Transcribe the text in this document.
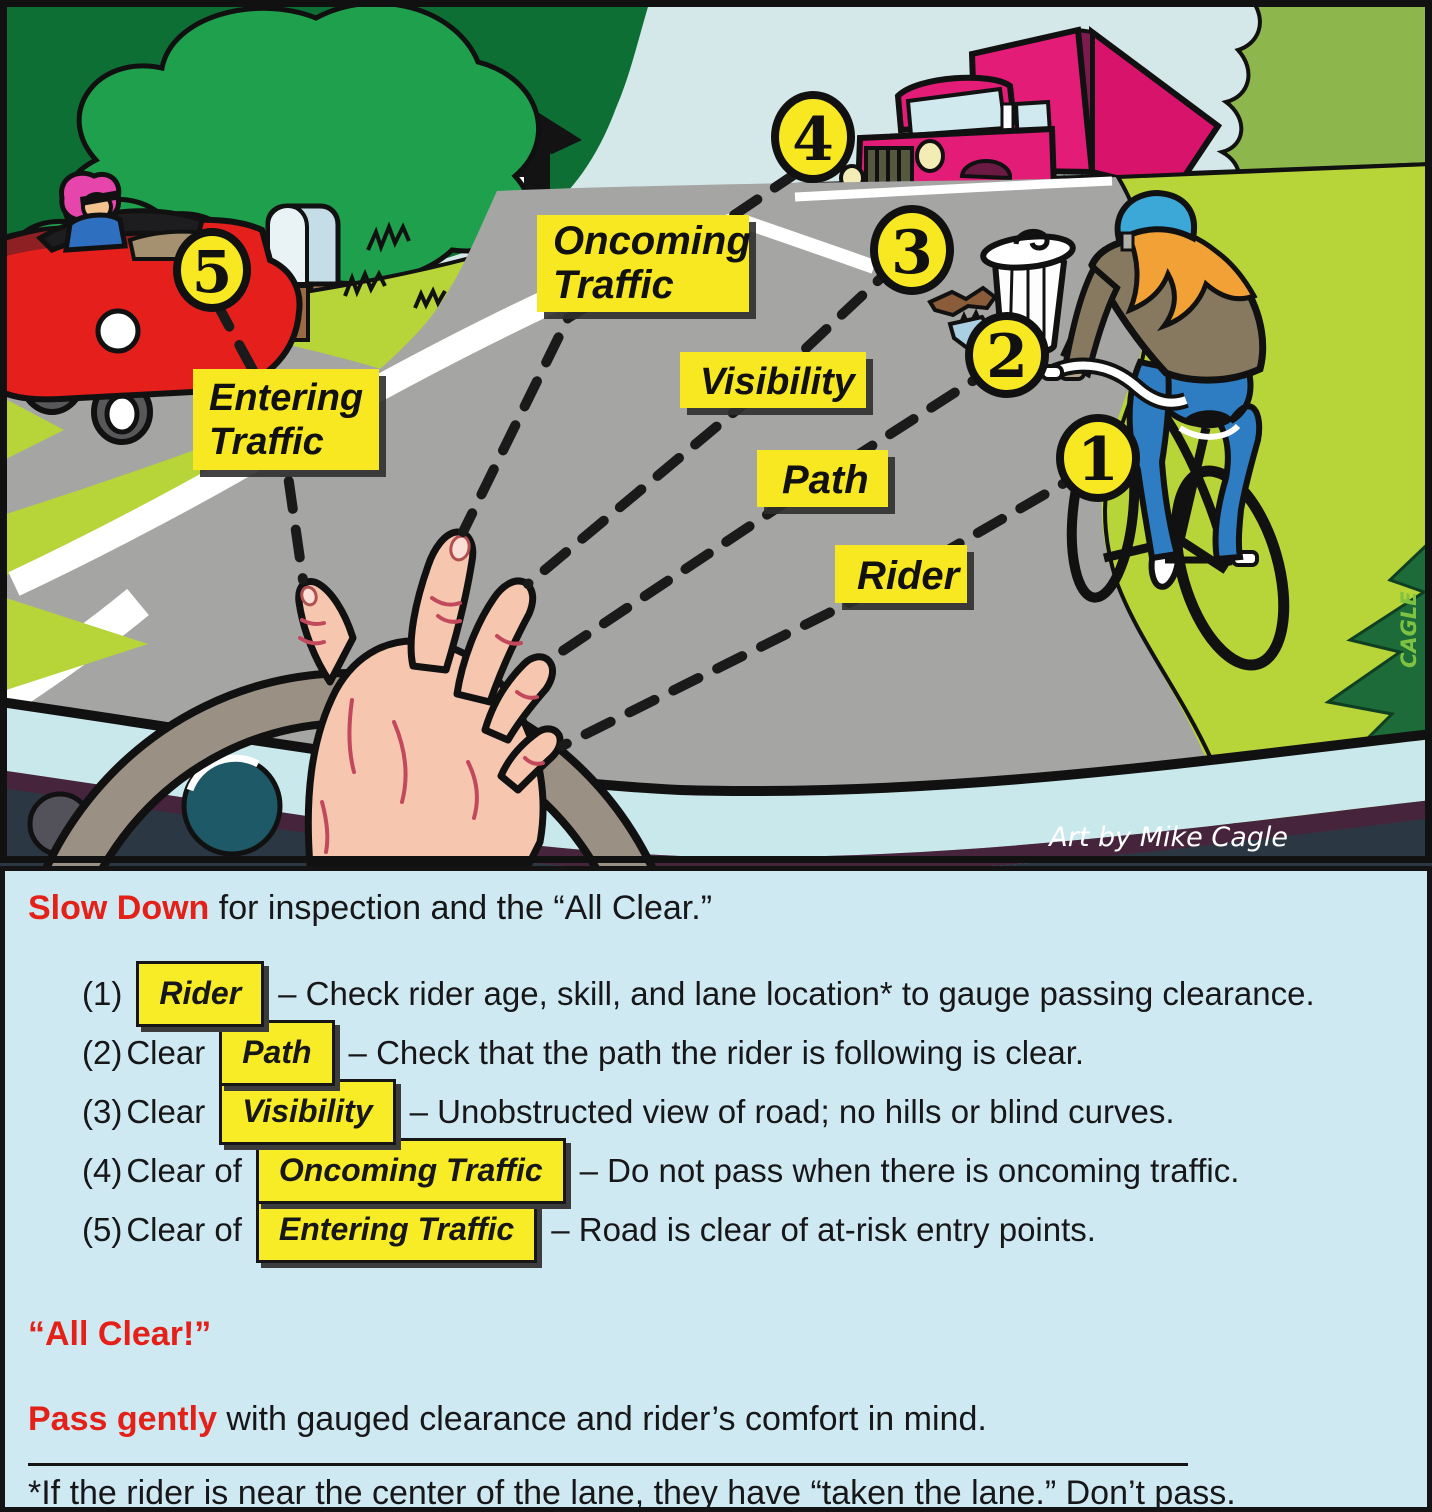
Art by Mike Cagle
CAGLE
Oncoming
Traffic
Entering
Traffic
Visibility
Path
Rider
5
4
3
2
1
Slow Down for inspection and the “All Clear.”
(1)	Rider	– Check rider age, skill, and lane location* to gauge passing clearance.
(2) Clear	Path	– Check that the path the rider is following is clear.
(3) Clear	Visibility	– Unobstructed view of road; no hills or blind curves.
(4) Clear of	Oncoming Traffic	– Do not pass when there is oncoming traffic.
(5) Clear of	Entering Traffic	– Road is clear of at-risk entry points.
“All Clear!”
Pass gently with gauged clearance and rider’s comfort in mind.
*If the rider is near the center of the lane, they have “taken the lane.” Don’t pass.
